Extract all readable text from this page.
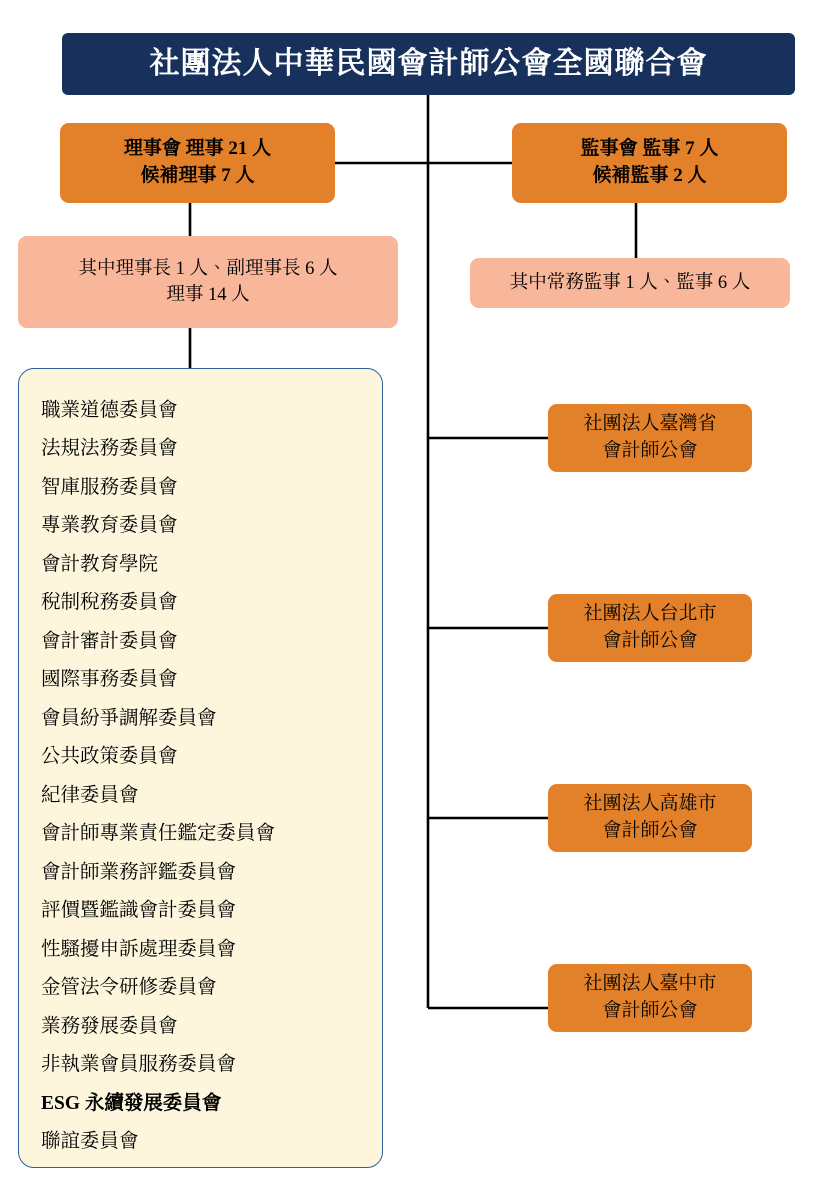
社團法人中華民國會計師公會全國聯合會
理事會 理事 21 人
候補理事 7 人
其中理事長 1 人、副理事長 6 人
理事 14 人
監事會 監事 7 人
候補監事 2 人
其中常務監事 1 人、監事 6 人
職業道德委員會
法規法務委員會
智庫服務委員會
專業教育委員會
會計教育學院
稅制稅務委員會
會計審計委員會
國際事務委員會
會員紛爭調解委員會
公共政策委員會
紀律委員會
會計師專業責任鑑定委員會
會計師業務評鑑委員會
評價暨鑑識會計委員會
性騷擾申訴處理委員會
金管法令研修委員會
業務發展委員會
非執業會員服務委員會
ESG 永續發展委員會
聯誼委員會
社團法人臺灣省
會計師公會
社團法人台北市
會計師公會
社團法人高雄市
會計師公會
社團法人臺中市
會計師公會
